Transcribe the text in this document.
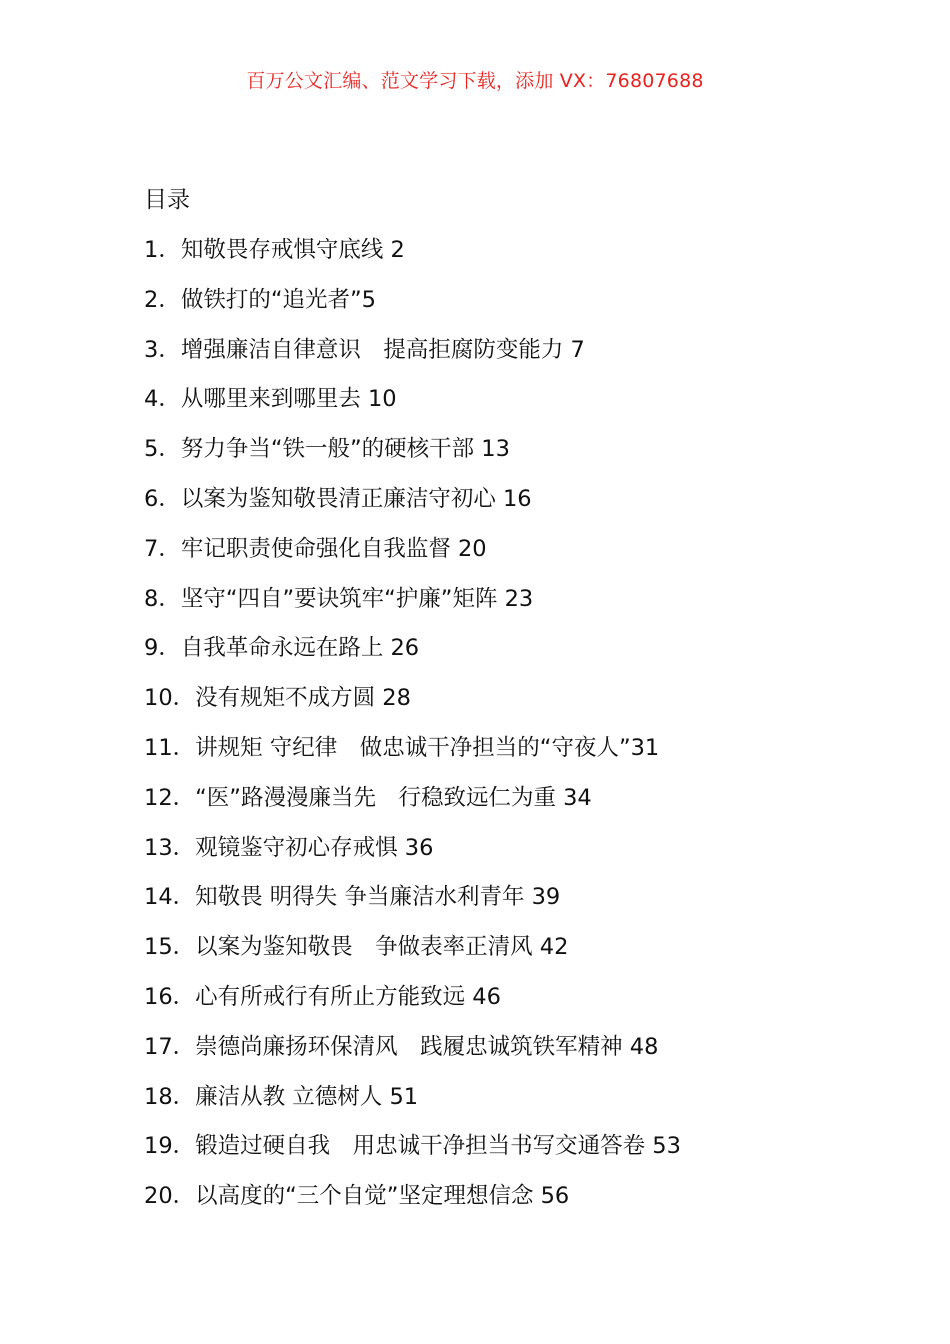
百万公文汇编、范文学习下载，添加 VX：76807688
目录
1．知敬畏存戒惧守底线 2
2．做铁打的“追光者”5
3．增强廉洁自律意识　提高拒腐防变能力 7
4．从哪里来到哪里去 10
5．努力争当“铁一般”的硬核干部 13
6．以案为鉴知敬畏清正廉洁守初心 16
7．牢记职责使命强化自我监督 20
8．坚守“四自”要诀筑牢“护廉”矩阵 23
9．自我革命永远在路上 26
10．没有规矩不成方圆 28
11．讲规矩 守纪律　做忠诚干净担当的“守夜人”31
12．“医”路漫漫廉当先　行稳致远仁为重 34
13．观镜鉴守初心存戒惧 36
14．知敬畏 明得失 争当廉洁水利青年 39
15．以案为鉴知敬畏　争做表率正清风 42
16．心有所戒行有所止方能致远 46
17．崇德尚廉扬环保清风　践履忠诚筑铁军精神 48
18．廉洁从教 立德树人 51
19．锻造过硬自我　用忠诚干净担当书写交通答卷 53
20．以高度的“三个自觉”坚定理想信念 56
